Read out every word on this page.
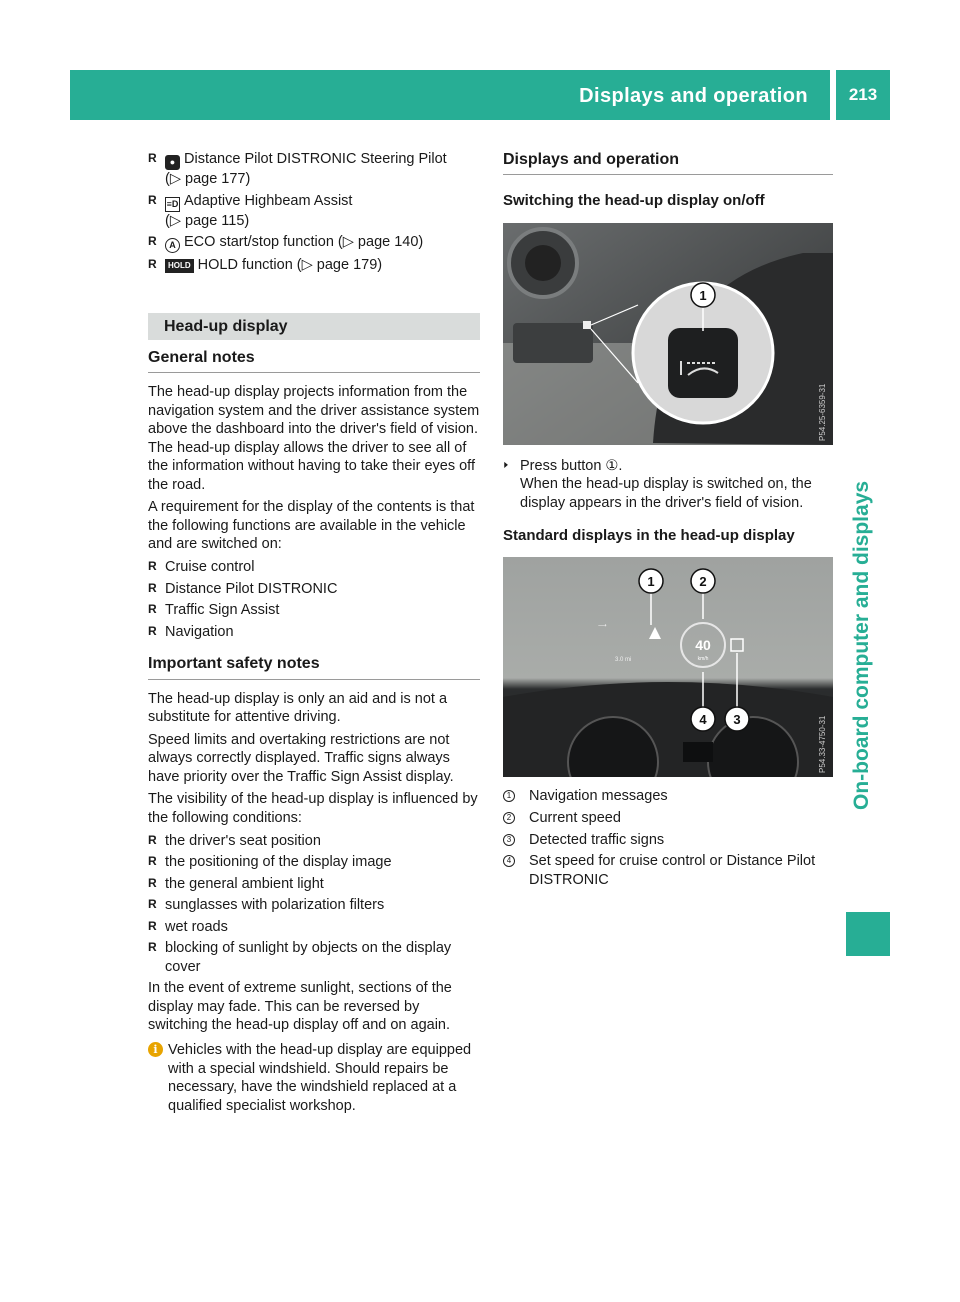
Displays and operation	213
On-board computer and displays
R ● Distance Pilot DISTRONIC Steering Pilot
(▷ page 177)
R ≡D Adaptive Highbeam Assist
(▷ page 115)
R A ECO start/stop function (▷ page 140)
R HOLD HOLD function (▷ page 179)
Head-up display
General notes
The head-up display projects information from the navigation system and the driver assistance system above the dashboard into the driver's field of vision. The head-up display allows the driver to see all of the information without having to take their eyes off the road.
A requirement for the display of the contents is that the following functions are available in the vehicle and are switched on:
R Cruise control
R Distance Pilot DISTRONIC
R Traffic Sign Assist
R Navigation
Important safety notes
The head-up display is only an aid and is not a substitute for attentive driving.
Speed limits and overtaking restrictions are not always correctly displayed. Traffic signs always have priority over the Traffic Sign Assist display.
The visibility of the head-up display is influenced by the following conditions:
R the driver's seat position
R the positioning of the display image
R the general ambient light
R sunglasses with polarization filters
R wet roads
R blocking of sunlight by objects on the display cover
In the event of extreme sunlight, sections of the display may fade. This can be reversed by switching the head-up display off and on again.
i Vehicles with the head-up display are equipped with a special windshield. Should repairs be necessary, have the windshield replaced at a qualified specialist workshop.
Displays and operation
Switching the head-up display on/off
1
P54.25-6359-31
▶ Press button ①.
When the head-up display is switched on, the display appears in the driver's field of vision.
Standard displays in the head-up display
⟶
3.0 mi
40
km/h
1	2
3
4	P54.33-4750-31
1 Navigation messages
2 Current speed
3 Detected traffic signs
4 Set speed for cruise control or Distance Pilot DISTRONIC
